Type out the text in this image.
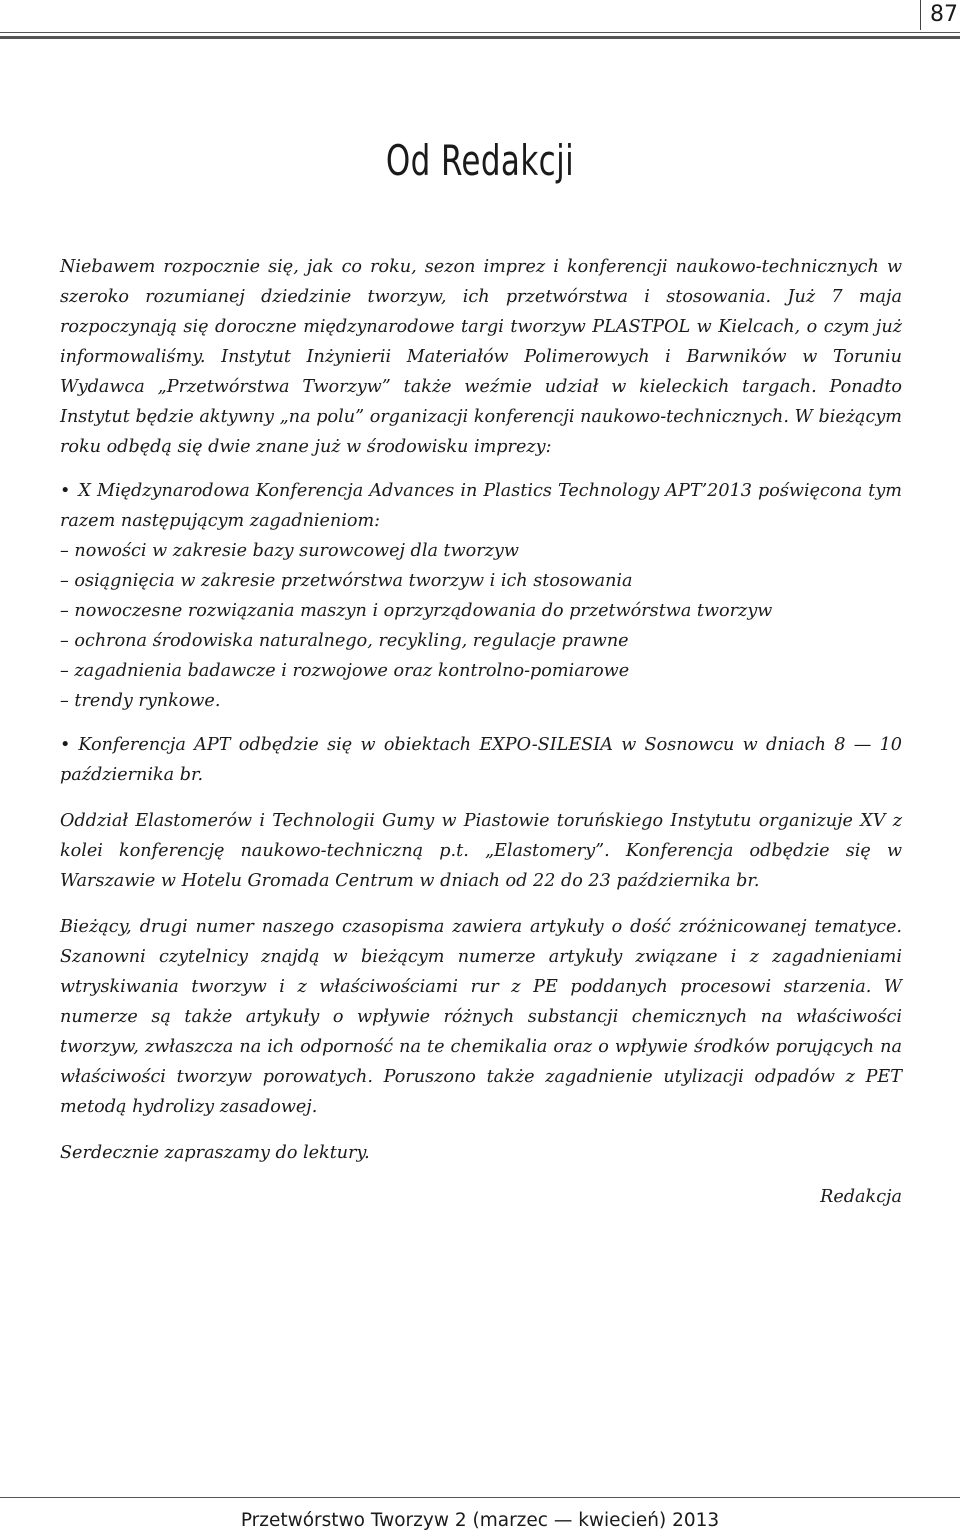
87
Od Redakcji

Niebawem rozpocznie się, jak co roku, sezon imprez i konferencji naukowo-technicznych w szeroko rozumianej dziedzinie tworzyw, ich przetwórstwa i stosowania. Już 7 maja rozpoczynają się doroczne międzynarodowe targi tworzyw PLASTPOL w Kielcach, o czym już informowaliśmy. Instytut Inżynierii Materiałów Polimerowych i Barwników w Toruniu Wydawca „Przetwórstwa Tworzyw” także weźmie udział w kieleckich targach. Ponadto Instytut będzie aktywny „na polu” organizacji konferencji naukowo-technicznych. W bieżącym roku odbędą się dwie znane już w środowisku imprezy:

• X Międzynarodowa Konferencja Advances in Plastics Technology APT’2013 poświęcona tym razem następującym zagadnieniom:

– nowości w zakresie bazy surowcowej dla tworzyw

– osiągnięcia w zakresie przetwórstwa tworzyw i ich stosowania

– nowoczesne rozwiązania maszyn i oprzyrządowania do przetwórstwa tworzyw

– ochrona środowiska naturalnego, recykling, regulacje prawne

– zagadnienia badawcze i rozwojowe oraz kontrolno-pomiarowe

– trendy rynkowe.

• Konferencja APT odbędzie się w obiektach EXPO-SILESIA w Sosnowcu w dniach 8 — 10 października br.

Oddział Elastomerów i Technologii Gumy w Piastowie toruńskiego Instytutu organizuje XV z kolei konferencję naukowo-techniczną p.t. „Elastomery”. Konferencja odbędzie się w Warszawie w Hotelu Gromada Centrum w dniach od 22 do 23 października br.

Bieżący, drugi numer naszego czasopisma zawiera artykuły o dość zróżnicowanej tematyce. Szanowni czytelnicy znajdą w bieżącym numerze artykuły związane i z zagadnieniami wtryskiwania tworzyw i z właściwościami rur z PE poddanych procesowi starzenia. W numerze są także artykuły o wpływie różnych substancji chemicznych na właściwości tworzyw, zwłaszcza na ich odporność na te chemikalia oraz o wpływie środków porujących na właściwości tworzyw porowatych. Poruszono także zagadnienie utylizacji odpadów z PET metodą hydrolizy zasadowej.

Serdecznie zapraszamy do lektury.

Redakcja

Przetwórstwo Tworzyw 2 (marzec — kwiecień) 2013
